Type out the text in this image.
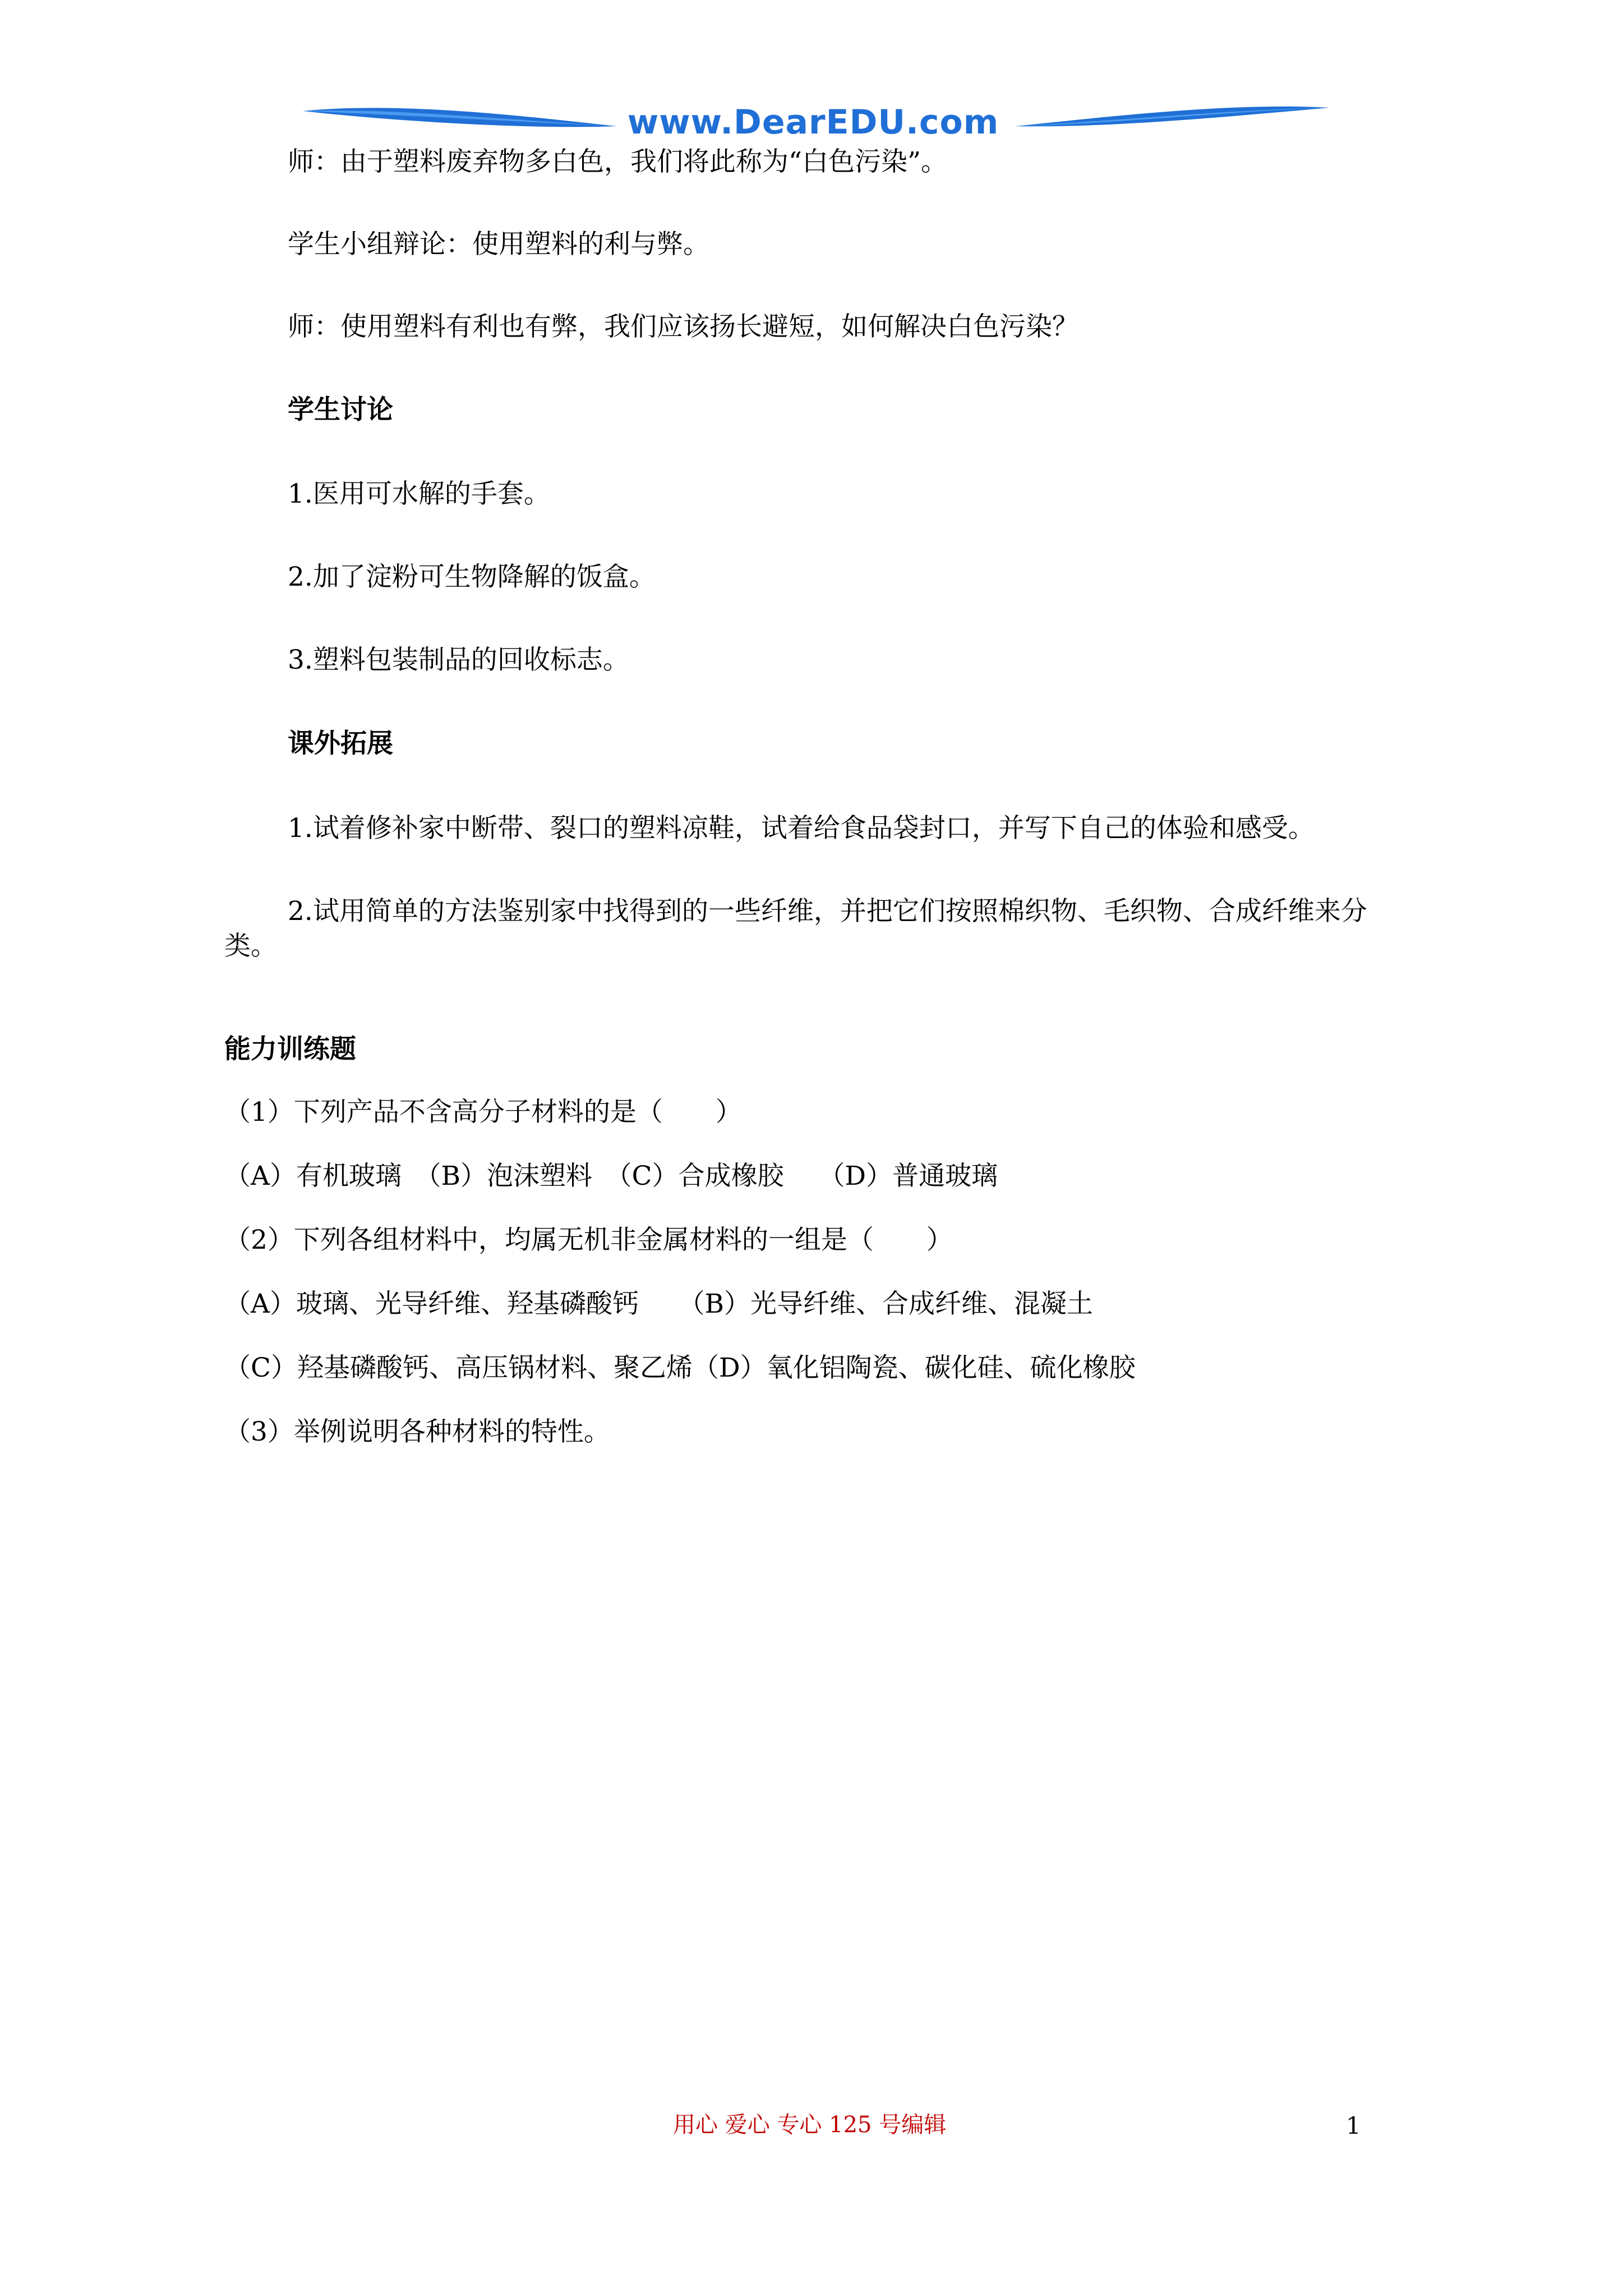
www.DearEDU.com
师：由于塑料废弃物多白色，我们将此称为“白色污染”。
学生小组辩论：使用塑料的利与弊。
师：使用塑料有利也有弊，我们应该扬长避短，如何解决白色污染？
学生讨论
1.医用可水解的手套。
2.加了淀粉可生物降解的饭盒。
3.塑料包装制品的回收标志。
课外拓展
1.试着修补家中断带、裂口的塑料凉鞋，试着给食品袋封口，并写下自己的体验和感受。
2.试用简单的方法鉴别家中找得到的一些纤维，并把它们按照棉织物、毛织物、合成纤维来分类。
能力训练题
（1）下列产品不含高分子材料的是（　　）
（A）有机玻璃　（B）泡沫塑料　（C）合成橡胶　 （D）普通玻璃
（2）下列各组材料中，均属无机非金属材料的一组是（　　）
（A）玻璃、光导纤维、羟基磷酸钙　　（B）光导纤维、合成纤维、混凝土
（C）羟基磷酸钙、高压锅材料、聚乙烯（D）氧化铝陶瓷、碳化硅、硫化橡胶
（3）举例说明各种材料的特性。
用心 爱心 专心 125 号编辑	1
